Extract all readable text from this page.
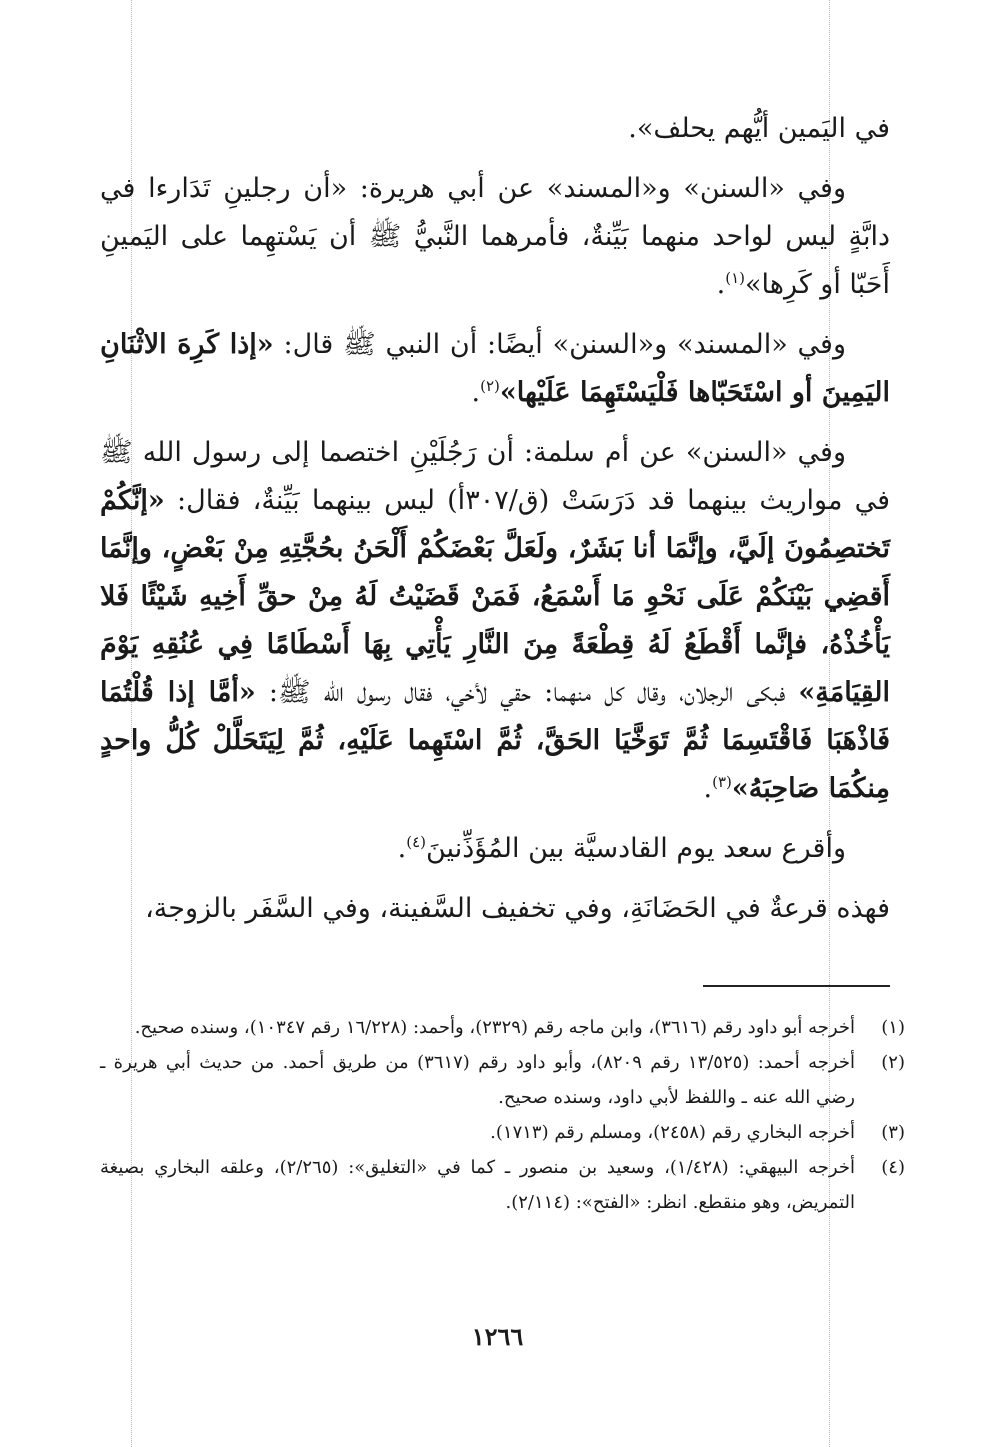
في اليَمين أيُّهم يحلف».

وفي «السنن» و«المسند» عن أبي هريرة: «أن رجلينِ تَدَارءا في دابَّةٍ ليس لواحد منهما بَيِّنةٌ، فأمرهما النَّبيُّ ﷺ أن يَسْتهِما على اليَمينِ أَحَبّا أو كَرِها»$^{(١)}$.

وفي «المسند» و«السنن» أيضًا: أن النبي ﷺ قال: «إذا كَرِهَ الاثْنَانِ اليَمِينَ أو اسْتَحَبّاها فَلْيَسْتَهِمَا عَلَيْها»$^{(٢)}$.

وفي «السنن» عن أم سلمة: أن رَجُلَيْنِ اختصما إلى رسول الله ﷺ في مواريث بينهما قد دَرَسَتْ (ق/٣٠٧أ) ليس بينهما بَيِّنةٌ، فقال: «إنَّكُمْ تَختصِمُونَ إلَيَّ، وإنَّمَا أنا بَشَرٌ، ولَعَلَّ بَعْضَكُمْ أَلْحَنُ بحُجَّتِهِ مِنْ بَعْضٍ، وإنَّمَا أَقضِي بَيْنَكُمْ عَلَى نَحْوِ مَا أَسْمَعُ، فَمَنْ قَضَيْتُ لَهُ مِنْ حقِّ أَخِيهِ شَيْئًا فَلا يَأْخُذْهُ، فإنَّما أَقْطَعُ لَهُ قِطْعَةً مِنَ النَّارِ يَأْتِي بِهَا أَسْطَامًا فِي عُنُقِهِ يَوْمَ القِيَامَةِ» فبكى الرجلان، وقال كل منهما: حقي لأخي، فقال رسول الله ﷺ: «أمَّا إذا قُلْتُمَا فَاذْهَبَا فَاقْتَسِمَا ثُمَّ تَوَخَّيَا الحَقَّ، ثُمَّ اسْتَهِما عَلَيْهِ، ثُمَّ لِيَتَحَلَّلْ كُلُّ واحدٍ مِنكُمَا صَاحِبَهُ»$^{(٣)}$.

وأقرع سعد يوم القادسيَّة بين المُؤَذِّنينَ$^{(٤)}$.

فهذه قرعةٌ في الحَضَانَةِ، وفي تخفيف السَّفينة، وفي السَّفَر بالزوجة،

(١)
أخرجه أبو داود رقم (٣٦١٦)، وابن ماجه رقم (٢٣٢٩)، وأحمد: (١٦/٢٢٨ رقم ١٠٣٤٧)، وسنده صحيح.
(٢)
أخرجه أحمد: (١٣/٥٢٥ رقم ٨٢٠٩)، وأبو داود رقم (٣٦١٧) من طريق أحمد. من حديث أبي هريرة ـ رضي الله عنه ـ واللفظ لأبي داود، وسنده صحيح.
(٣)
أخرجه البخاري رقم (٢٤٥٨)، ومسلم رقم (١٧١٣).
(٤)
أخرجه البيهقي: (١/٤٢٨)، وسعيد بن منصور ـ كما في «التغليق»: (٢/٢٦٥)، وعلقه البخاري بصيغة التمريض، وهو منقطع. انظر: «الفتح»: (٢/١١٤).
١٢٦٦
